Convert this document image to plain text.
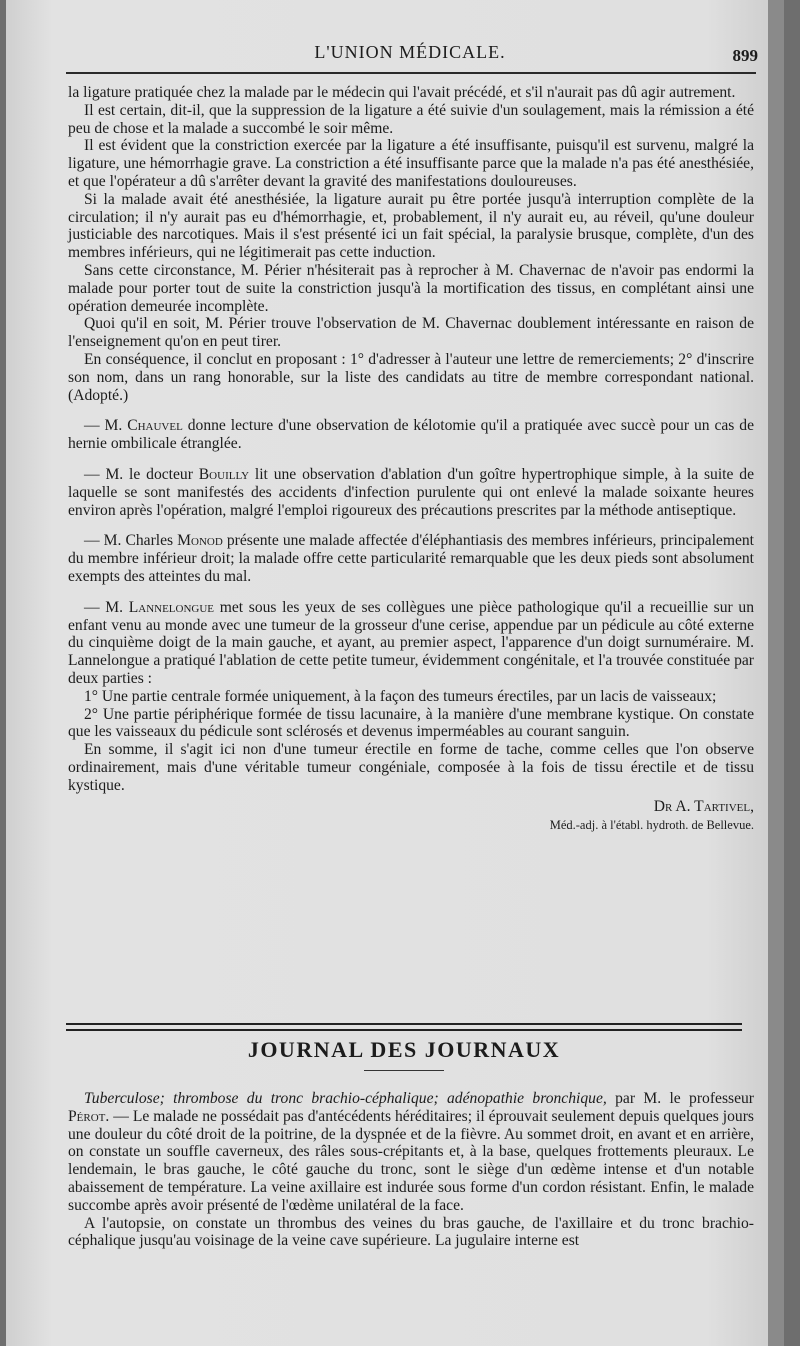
L'UNION MÉDICALE.	899

la ligature pratiquée chez la malade par le médecin qui l'avait précédé, et s'il n'aurait pas dû agir autrement.

Il est certain, dit-il, que la suppression de la ligature a été suivie d'un soulagement, mais la rémission a été peu de chose et la malade a succombé le soir même.

Il est évident que la constriction exercée par la ligature a été insuffisante, puisqu'il est survenu, malgré la ligature, une hémorrhagie grave. La constriction a été insuffisante parce que la malade n'a pas été anesthésiée, et que l'opérateur a dû s'arrêter devant la gravité des manifestations douloureuses.

Si la malade avait été anesthésiée, la ligature aurait pu être portée jusqu'à interruption complète de la circulation; il n'y aurait pas eu d'hémorrhagie, et, probablement, il n'y aurait eu, au réveil, qu'une douleur justiciable des narcotiques. Mais il s'est présenté ici un fait spécial, la paralysie brusque, complète, d'un des membres inférieurs, qui ne légitimerait pas cette induction.

Sans cette circonstance, M. Périer n'hésiterait pas à reprocher à M. Chavernac de n'avoir pas endormi la malade pour porter tout de suite la constriction jusqu'à la mortification des tissus, en complétant ainsi une opération demeurée incomplète.

Quoi qu'il en soit, M. Périer trouve l'observation de M. Chavernac doublement intéressante en raison de l'enseignement qu'on en peut tirer.

En conséquence, il conclut en proposant : 1° d'adresser à l'auteur une lettre de remerciements; 2° d'inscrire son nom, dans un rang honorable, sur la liste des candidats au titre de membre correspondant national. (Adopté.)

— M. Chauvel donne lecture d'une observation de kélotomie qu'il a pratiquée avec succè pour un cas de hernie ombilicale étranglée.

— M. le docteur Bouilly lit une observation d'ablation d'un goître hypertrophique simple, à la suite de laquelle se sont manifestés des accidents d'infection purulente qui ont enlevé la malade soixante heures environ après l'opération, malgré l'emploi rigoureux des précautions prescrites par la méthode antiseptique.

— M. Charles Monod présente une malade affectée d'éléphantiasis des membres inférieurs, principalement du membre inférieur droit; la malade offre cette particularité remarquable que les deux pieds sont absolument exempts des atteintes du mal.

— M. Lannelongue met sous les yeux de ses collègues une pièce pathologique qu'il a recueillie sur un enfant venu au monde avec une tumeur de la grosseur d'une cerise, appendue par un pédicule au côté externe du cinquième doigt de la main gauche, et ayant, au premier aspect, l'apparence d'un doigt surnuméraire. M. Lannelongue a pratiqué l'ablation de cette petite tumeur, évidemment congénitale, et l'a trouvée constituée par deux parties :

1° Une partie centrale formée uniquement, à la façon des tumeurs érectiles, par un lacis de vaisseaux;

2° Une partie périphérique formée de tissu lacunaire, à la manière d'une membrane kystique. On constate que les vaisseaux du pédicule sont sclérosés et devenus imperméables au courant sanguin.

En somme, il s'agit ici non d'une tumeur érectile en forme de tache, comme celles que l'on observe ordinairement, mais d'une véritable tumeur congéniale, composée à la fois de tissu érectile et de tissu kystique.

Dr A. Tartivel,

Méd.-adj. à l'établ. hydroth. de Bellevue.

JOURNAL DES JOURNAUX

Tuberculose; thrombose du tronc brachio-céphalique; adénopathie bronchique, par M. le professeur Pérot. — Le malade ne possédait pas d'antécédents héréditaires; il éprouvait seulement depuis quelques jours une douleur du côté droit de la poitrine, de la dyspnée et de la fièvre. Au sommet droit, en avant et en arrière, on constate un souffle caverneux, des râles sous-crépitants et, à la base, quelques frottements pleuraux. Le lendemain, le bras gauche, le côté gauche du tronc, sont le siège d'un œdème intense et d'un notable abaissement de température. La veine axillaire est indurée sous forme d'un cordon résistant. Enfin, le malade succombe après avoir présenté de l'œdème unilatéral de la face.

A l'autopsie, on constate un thrombus des veines du bras gauche, de l'axillaire et du tronc brachio-céphalique jusqu'au voisinage de la veine cave supérieure. La jugulaire interne est
